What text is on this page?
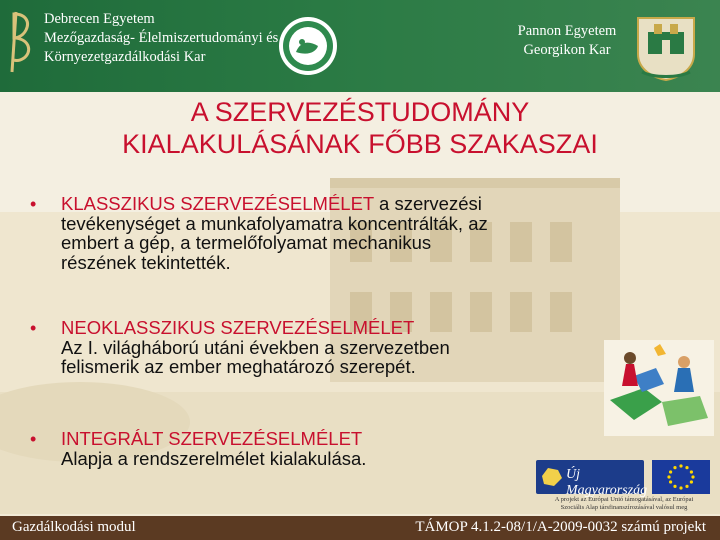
Debrecen Egyetem
Mezőgazdaság- Élelmiszertudományi és
Környezetgazdálkodási Kar
Pannon Egyetem
Georgikon Kar
A SZERVEZÉSTUDOMÁNY
KIALAKULÁSÁNAK FŐBB SZAKASZAI
•	KLASSZIKUS SZERVEZÉSELMÉLET a szervezési
tevékenységet a munkafolyamatra koncentrálták, az
embert a gép, a termelőfolyamat mechanikus
részének tekintették.
•	NEOKLASSZIKUS SZERVEZÉSELMÉLET
Az I. világháború utáni években a szervezetben
felismerik az ember meghatározó szerepét.
•	INTEGRÁLT SZERVEZÉSELMÉLET
Alapja a rendszerelmélet kialakulása.
Új Magyarország
A projekt az Európai Unió támogatásával, az Európai
Szociális Alap társfinanszírozásával valósul meg
Gazdálkodási modul	TÁMOP 4.1.2-08/1/A-2009-0032 számú projekt
